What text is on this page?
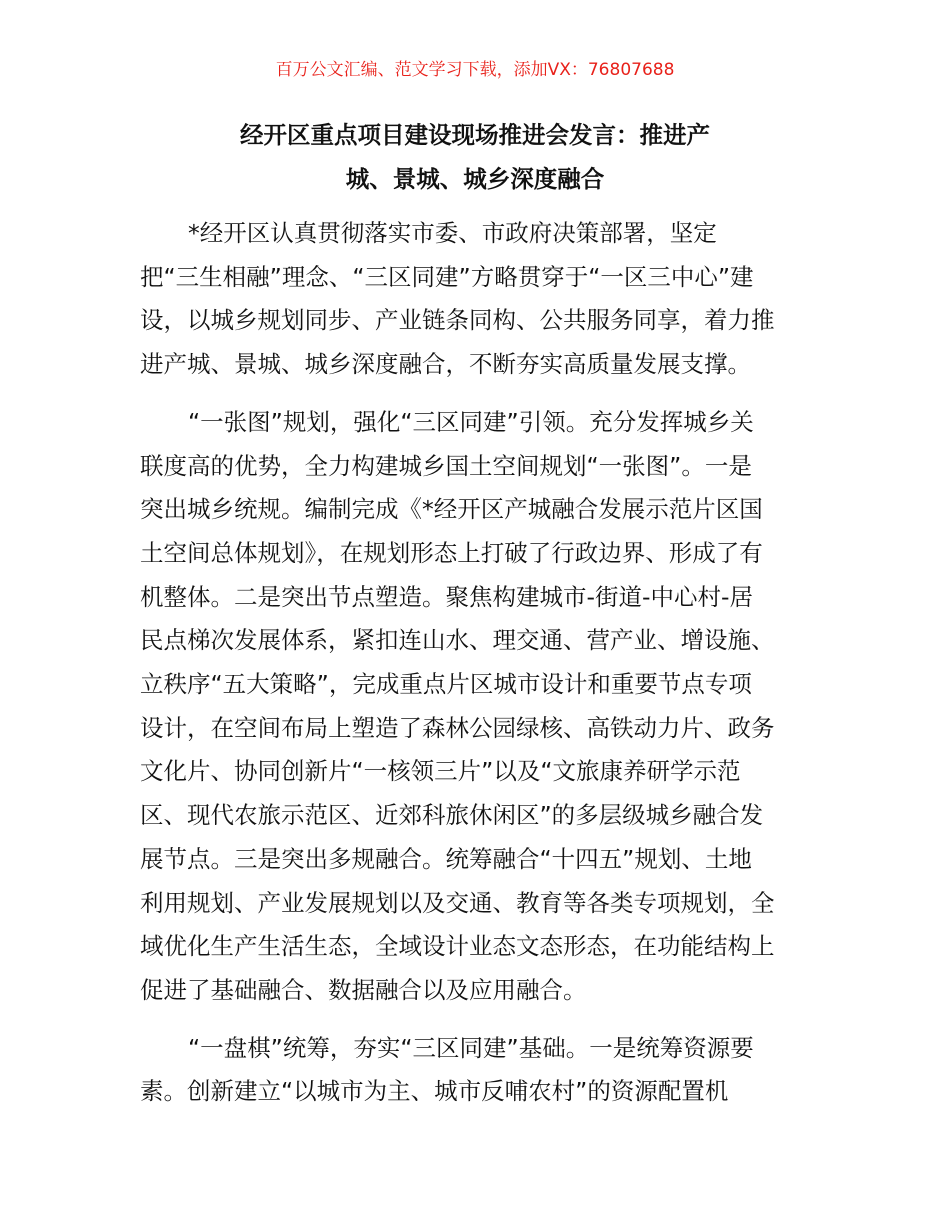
百万公文汇编、范文学习下载，添加VX：76807688
经开区重点项目建设现场推进会发言：推进产
城、景城、城乡深度融合
*经开区认真贯彻落实市委、市政府决策部署，坚定
把“三生相融”理念、“三区同建”方略贯穿于“一区三中心”建
设，以城乡规划同步、产业链条同构、公共服务同享，着力推
进产城、景城、城乡深度融合，不断夯实高质量发展支撑。
“一张图”规划，强化“三区同建”引领。充分发挥城乡关
联度高的优势，全力构建城乡国土空间规划“一张图”。一是
突出城乡统规。编制完成《*经开区产城融合发展示范片区国
土空间总体规划》，在规划形态上打破了行政边界、形成了有
机整体。二是突出节点塑造。聚焦构建城市-街道-中心村-居
民点梯次发展体系，紧扣连山水、理交通、营产业、增设施、
立秩序“五大策略”，完成重点片区城市设计和重要节点专项
设计，在空间布局上塑造了森林公园绿核、高铁动力片、政务
文化片、协同创新片“一核领三片”以及“文旅康养研学示范
区、现代农旅示范区、近郊科旅休闲区”的多层级城乡融合发
展节点。三是突出多规融合。统筹融合“十四五”规划、土地
利用规划、产业发展规划以及交通、教育等各类专项规划，全
域优化生产生活生态，全域设计业态文态形态，在功能结构上
促进了基础融合、数据融合以及应用融合。
“一盘棋”统筹，夯实“三区同建”基础。一是统筹资源要
素。创新建立“以城市为主、城市反哺农村”的资源配置机
